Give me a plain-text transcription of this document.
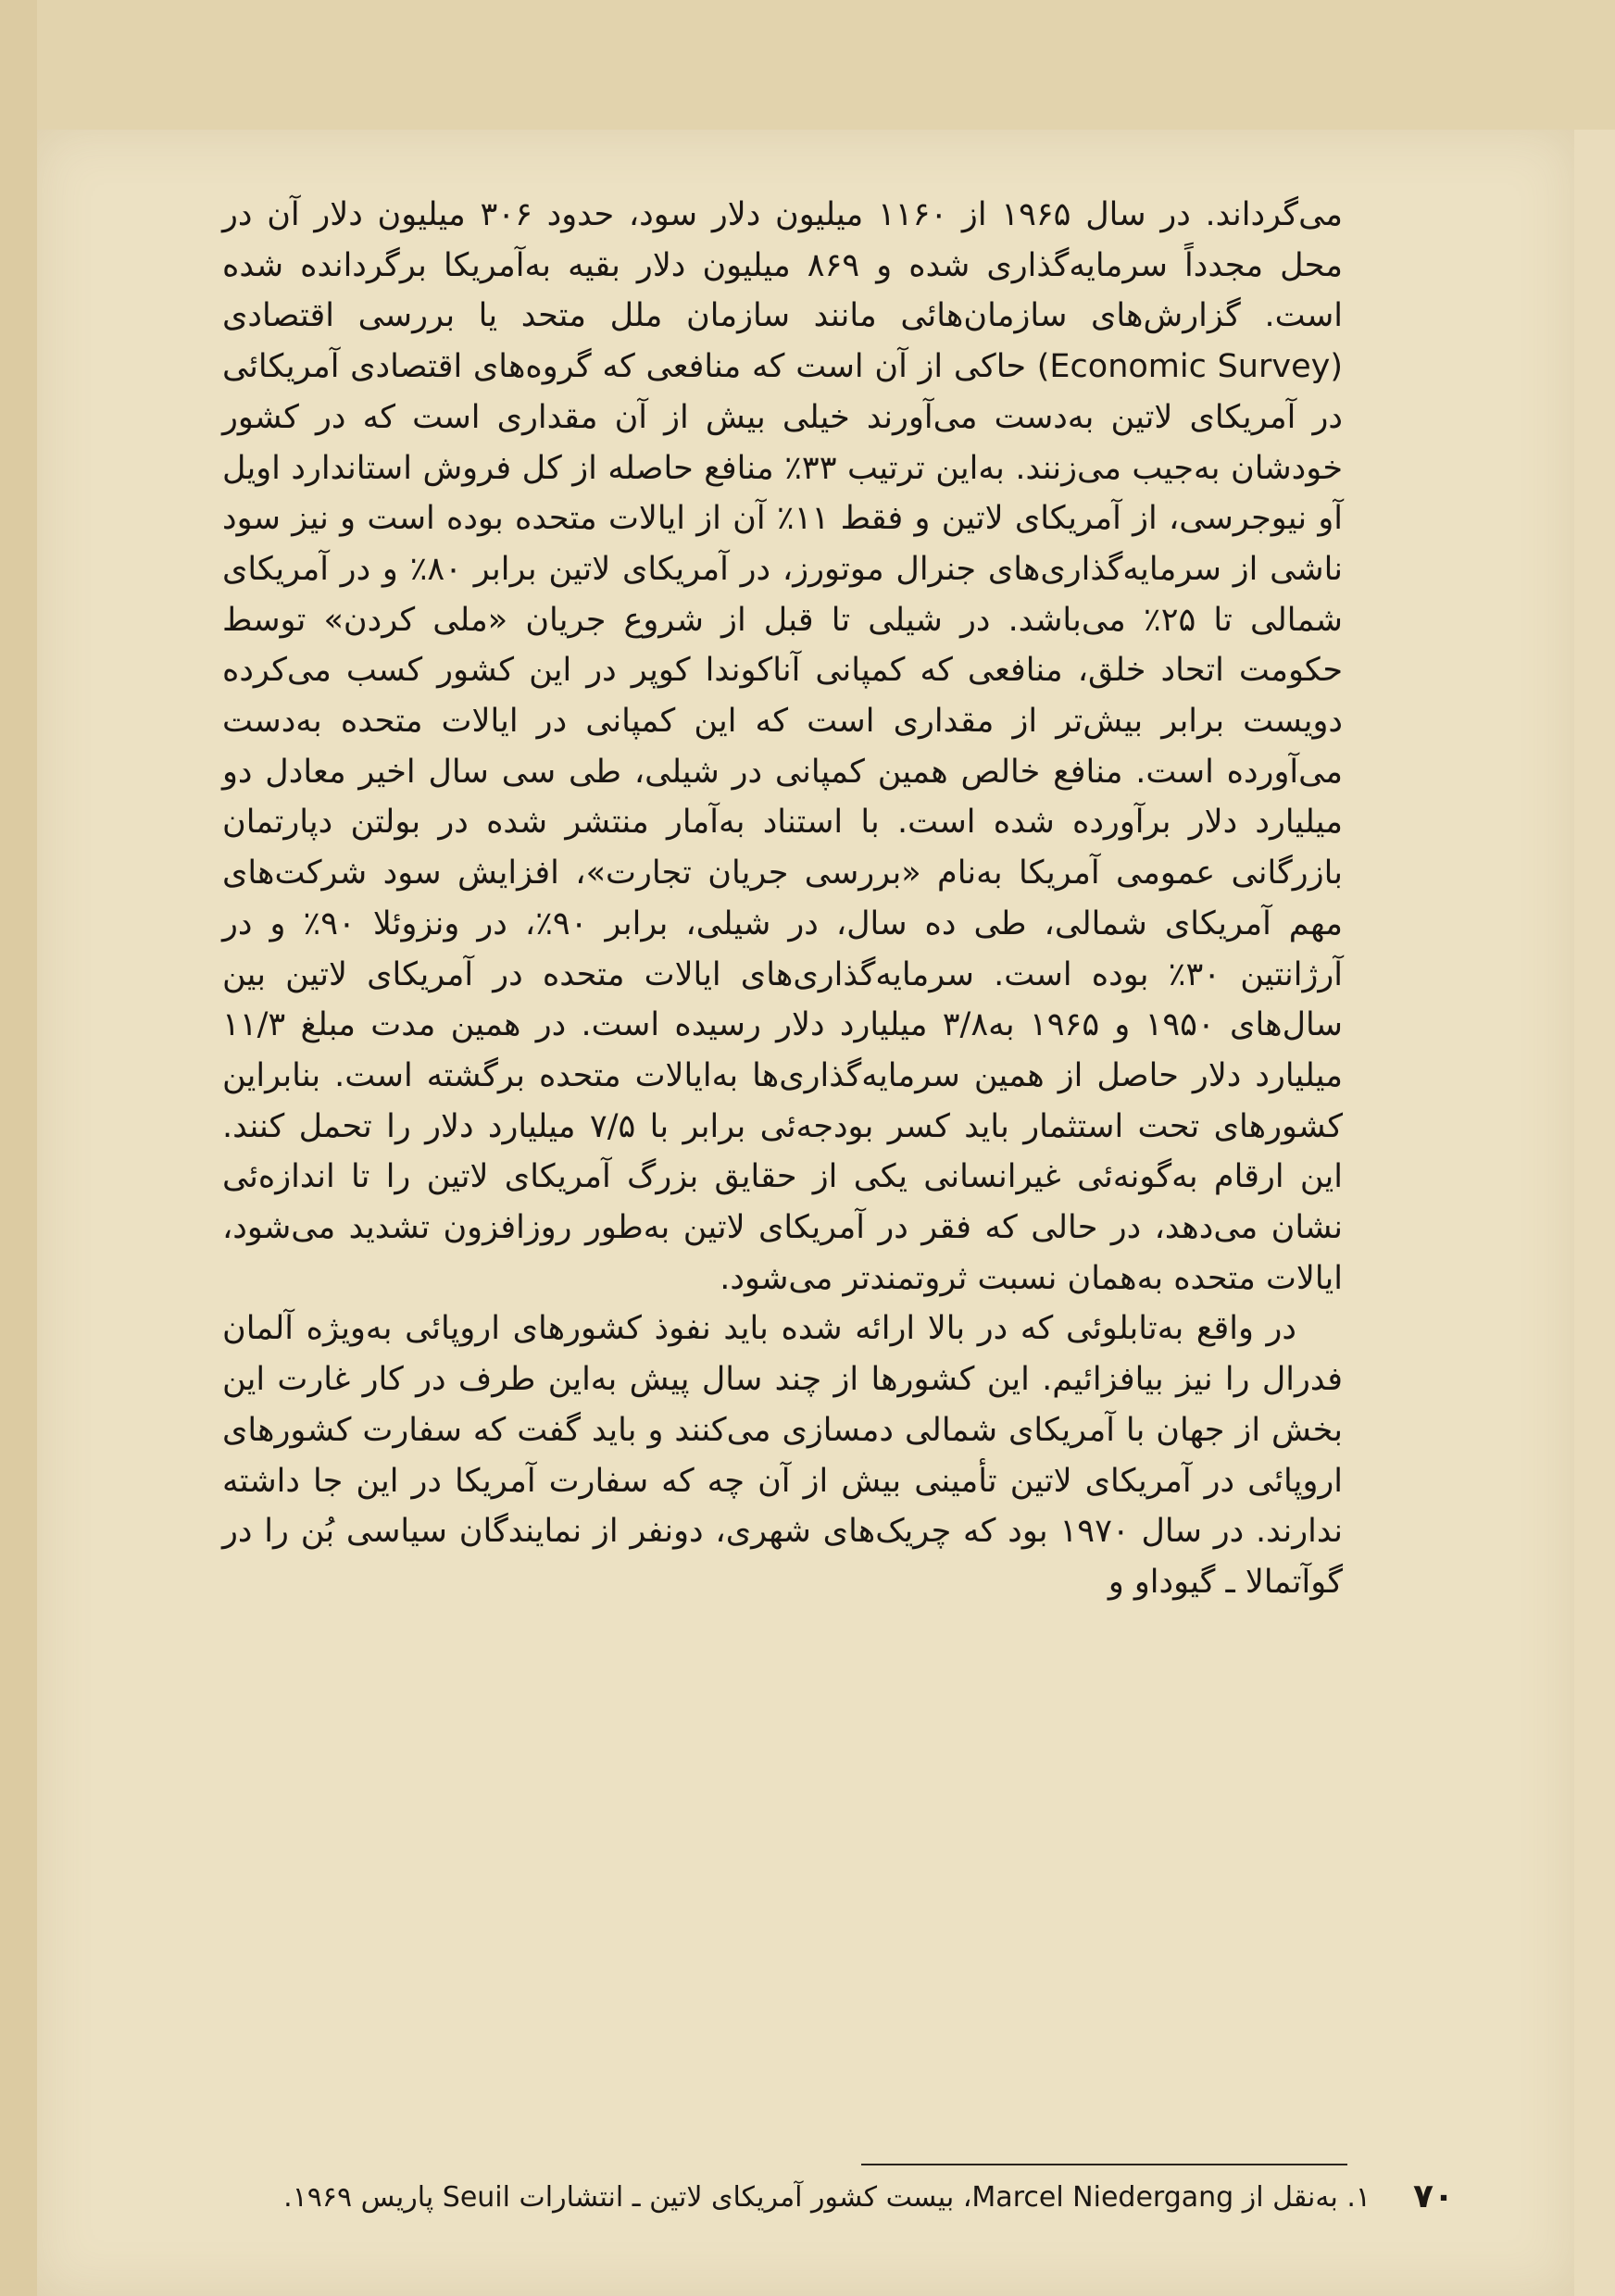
می‌گرداند. در سال ۱۹۶۵ از ۱۱۶۰ میلیون دلار سود، حدود ۳۰۶ میلیون دلار آن در محل مجدداً سرمایه‌گذاری شده و ۸۶۹ میلیون دلار بقیه به‌آمریکا برگردانده شده است. گزارش‌های سازمان‌هائی مانند سازمان ملل متحد یا بررسی اقتصادی (Economic Survey) حاکی از آن است که منافعی که گروه‌های اقتصادی آمریکائی در آمریکای لاتین به‌دست می‌آورند خیلی بیش از آن مقداری است که در کشور خودشان به‌جیب می‌زنند. به‌این ترتیب ۳۳٪ منافع حاصله از کل فروش استاندارد اویل آو نیوجرسی، از آمریکای لاتین و فقط ۱۱٪ آن از ایالات متحده بوده است و نیز سود ناشی از سرمایه‌گذاری‌های جنرال موتورز، در آمریکای لاتین برابر ۸۰٪ و در آمریکای شمالی تا ۲۵٪ می‌باشد. در شیلی تا قبل از شروع جریان «ملی کردن» توسط حکومت اتحاد خلق، منافعی که کمپانی آناکوندا کوپر در این کشور کسب می‌کرده دویست برابر بیش‌تر از مقداری است که این کمپانی در ایالات متحده به‌دست می‌آورده است. منافع خالص همین کمپانی در شیلی، طی سی سال اخیر معادل دو میلیارد دلار برآورده شده است. با استناد به‌آمار منتشر شده در بولتن دپارتمان بازرگانی عمومی آمریکا به‌نام «بررسی جریان تجارت»، افزایش سود شرکت‌های مهم آمریکای شمالی، طی ده سال، در شیلی، برابر ۹۰٪، در ونزوئلا ۹۰٪ و در آرژانتین ۳۰٪ بوده است. سرمایه‌گذاری‌های ایالات متحده در آمریکای لاتین بین سال‌های ۱۹۵۰ و ۱۹۶۵ به‌۳/۸ میلیارد دلار رسیده است. در همین مدت مبلغ ۱۱/۳ میلیارد دلار حاصل از همین سرمایه‌گذاری‌ها به‌ایالات متحده برگشته است. بنابراین کشورهای تحت استثمار باید کسر بودجه‌ئی برابر با ۷/۵ میلیارد دلار را تحمل کنند. این ارقام به‌گونه‌ئی غیرانسانی یکی از حقایق بزرگ آمریکای لاتین را تا اندازه‌ئی نشان می‌دهد، در حالی که فقر در آمریکای لاتین به‌طور روزافزون تشدید می‌شود، ایالات متحده به‌همان نسبت ثروتمندتر می‌شود.

در واقع به‌تابلوئی که در بالا ارائه شده باید نفوذ کشورهای اروپائی به‌ویژه آلمان فدرال را نیز بیافزائیم. این کشورها از چند سال پیش به‌این طرف در کار غارت این بخش از جهان با آمریکای شمالی دمسازی می‌کنند و باید گفت که سفارت کشورهای اروپائی در آمریکای لاتین تأمینی بیش از آن چه که سفارت آمریکا در این جا داشته ندارند. در سال ۱۹۷۰ بود که چریک‌های شهری، دونفر از نمایندگان سیاسی بُن را در گوآتمالا ـ گیوداو و

۷۰
۱. به‌نقل از Marcel Niedergang، بیست کشور آمریکای لاتین ـ انتشارات Seuil پاریس ۱۹۶۹.
